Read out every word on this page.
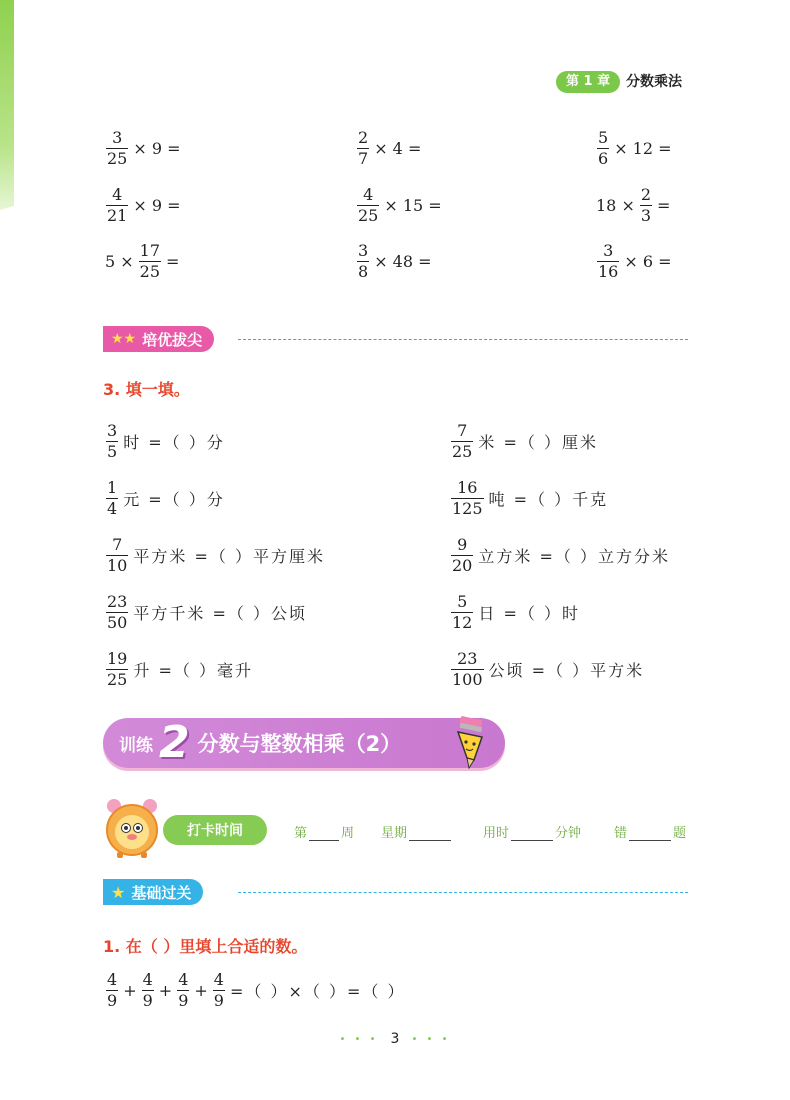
第 1 章	分数乘法
$\frac{3}{25} \times 9$ =	$\frac{2}{7} \times 4$ =	$\frac{5}{6} \times 12$ =
$\frac{4}{21} \times 9$ =	$\frac{4}{25} \times 15$ =	$18 \times \frac{2}{3}$ =
$5 \times \frac{17}{25}$ =	$\frac{3}{8} \times 48$ =	$\frac{3}{16} \times 6$ =
★★ 培优拔尖
3. 填一填。
$\frac{3}{5}$ 时 =（ ）分	$\frac{7}{25}$ 米 =（ ）厘米
$\frac{1}{4}$ 元 =（ ）分	$\frac{16}{125}$ 吨 =（ ）千克
$\frac{7}{10}$ 平方米 =（ ）平方厘米	$\frac{9}{20}$ 立方米 =（ ）立方分米
$\frac{23}{50}$ 平方千米 =（ ）公顷	$\frac{5}{12}$ 日 =（ ）时
$\frac{19}{25}$ 升 =（ ）毫升	$\frac{23}{100}$ 公顷 =（ ）平方米
训练 2 分数与整数相乘（2）
打卡时间	第	周 星期	用时	分钟	错	题
★ 基础过关
1. 在（ ）里填上合适的数。
$\frac{4}{9} + \frac{4}{9} + \frac{4}{9} + \frac{4}{9}$ =（ ）×（ ）=（ ）
• • • 3 • • •
